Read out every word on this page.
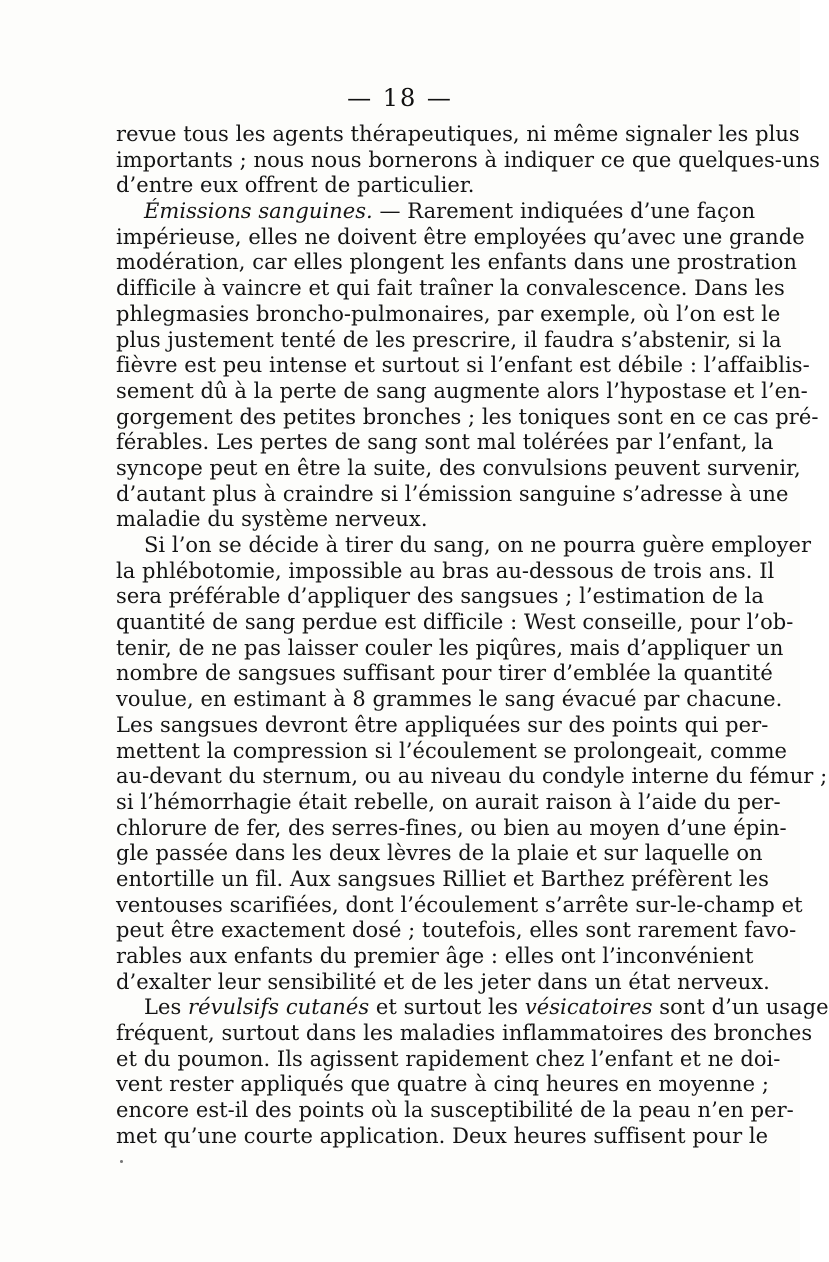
— 18 —
revue tous les agents thérapeutiques, ni même signaler les plus
importants ; nous nous bornerons à indiquer ce que quelques-uns
d’entre eux offrent de particulier.
Émissions sanguines. — Rarement indiquées d’une façon
impérieuse, elles ne doivent être employées qu’avec une grande
modération, car elles plongent les enfants dans une prostration
difficile à vaincre et qui fait traîner la convalescence. Dans les
phlegmasies broncho-pulmonaires, par exemple, où l’on est le
plus justement tenté de les prescrire, il faudra s’abstenir, si la
fièvre est peu intense et surtout si l’enfant est débile : l’affaiblis-
sement dû à la perte de sang augmente alors l’hypostase et l’en-
gorgement des petites bronches ; les toniques sont en ce cas pré-
férables. Les pertes de sang sont mal tolérées par l’enfant, la
syncope peut en être la suite, des convulsions peuvent survenir,
d’autant plus à craindre si l’émission sanguine s’adresse à une
maladie du système nerveux.
Si l’on se décide à tirer du sang, on ne pourra guère employer
la phlébotomie, impossible au bras au-dessous de trois ans. Il
sera préférable d’appliquer des sangsues ; l’estimation de la
quantité de sang perdue est difficile : West conseille, pour l’ob-
tenir, de ne pas laisser couler les piqûres, mais d’appliquer un
nombre de sangsues suffisant pour tirer d’emblée la quantité
voulue, en estimant à 8 grammes le sang évacué par chacune.
Les sangsues devront être appliquées sur des points qui per-
mettent la compression si l’écoulement se prolongeait, comme
au-devant du sternum, ou au niveau du condyle interne du fémur ;
si l’hémorrhagie était rebelle, on aurait raison à l’aide du per-
chlorure de fer, des serres-fines, ou bien au moyen d’une épin-
gle passée dans les deux lèvres de la plaie et sur laquelle on
entortille un fil. Aux sangsues Rilliet et Barthez préfèrent les
ventouses scarifiées, dont l’écoulement s’arrête sur-le-champ et
peut être exactement dosé ; toutefois, elles sont rarement favo-
rables aux enfants du premier âge : elles ont l’inconvénient
d’exalter leur sensibilité et de les jeter dans un état nerveux.
Les révulsifs cutanés et surtout les vésicatoires sont d’un usage
fréquent, surtout dans les maladies inflammatoires des bronches
et du poumon. Ils agissent rapidement chez l’enfant et ne doi-
vent rester appliqués que quatre à cinq heures en moyenne ;
encore est-il des points où la susceptibilité de la peau n’en per-
met qu’une courte application. Deux heures suffisent pour le
